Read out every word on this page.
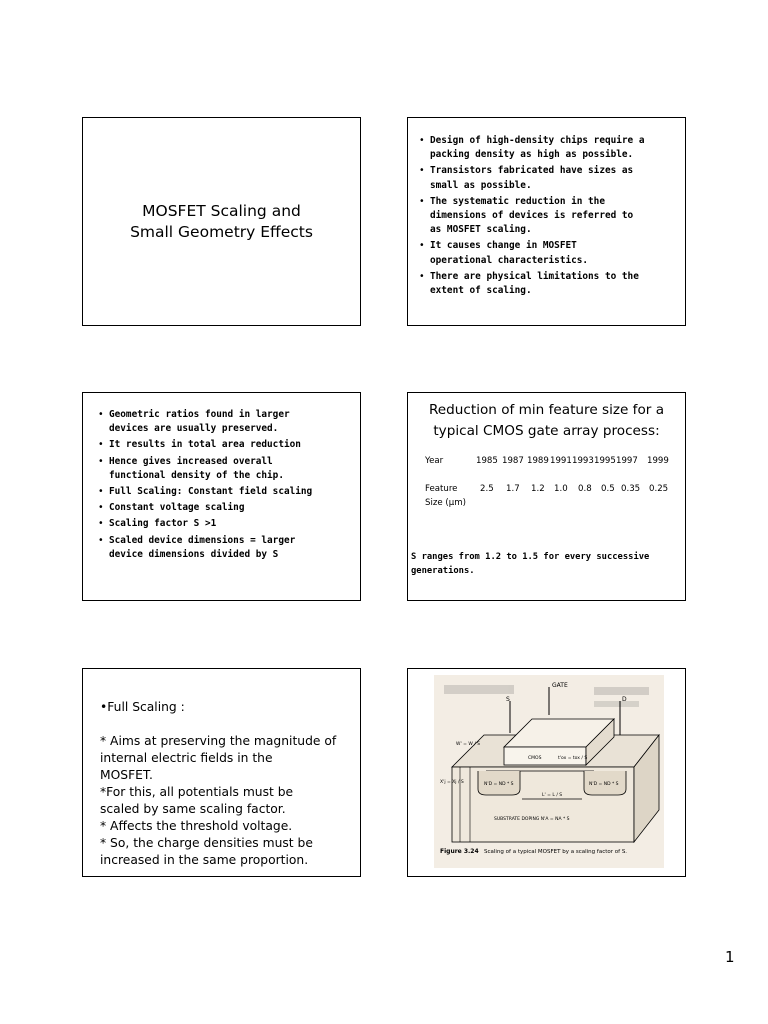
MOSFET Scaling and
Small Geometry Effects
• Design of high-density chips require a
packing density as high as possible.
• Transistors fabricated have sizes as
small as possible.
• The systematic reduction in the
dimensions of devices is referred to
as MOSFET scaling.
• It causes change in MOSFET
operational characteristics.
• There are physical limitations to the
extent of scaling.
• Geometric ratios found in larger
devices are usually preserved.
• It results in total area reduction
• Hence gives increased overall
functional density of the chip.
• Full Scaling: Constant field scaling
• Constant voltage scaling
• Scaling factor S >1
• Scaled device dimensions = larger
device dimensions divided by S
Reduction of min feature size for a
typical CMOS gate array process:
Year	1985 1987 1989 1991 1993 1995 1997 1999
Feature	2.5 1.7 1.2 1.0 0.8 0.5 0.35 0.25
Size (µm)
S ranges from 1.2 to 1.5 for every successive
generations.

•Full Scaling :

* Aims at preserving the magnitude of

internal electric fields in the

MOSFET.

*For this, all potentials must be

scaled by same scaling factor.

* Affects the threshold voltage.

* So, the charge densities must be

increased in the same proportion.

GATE
S	D
W' = W / S
CMOS	t'ox = tox / S
X'j = Xj / S	N'D = ND * S	N'D = ND * S
L' = L / S
SUBSTRATE DOPING N'A = NA * S
Figure 3.24 Scaling of a typical MOSFET by a scaling factor of S.
1
